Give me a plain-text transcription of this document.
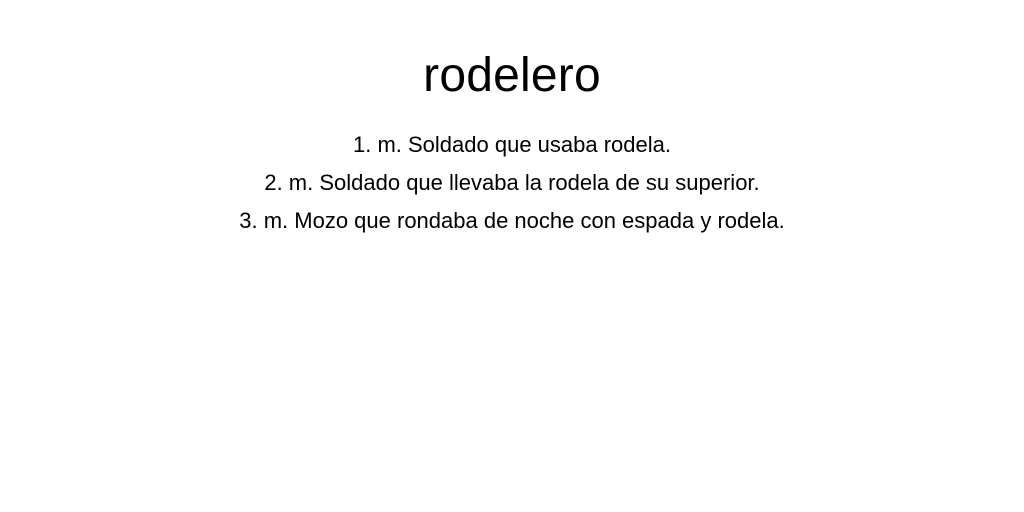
rodelero
1. m. Soldado que usaba rodela.
2. m. Soldado que llevaba la rodela de su superior.
3. m. Mozo que rondaba de noche con espada y rodela.
